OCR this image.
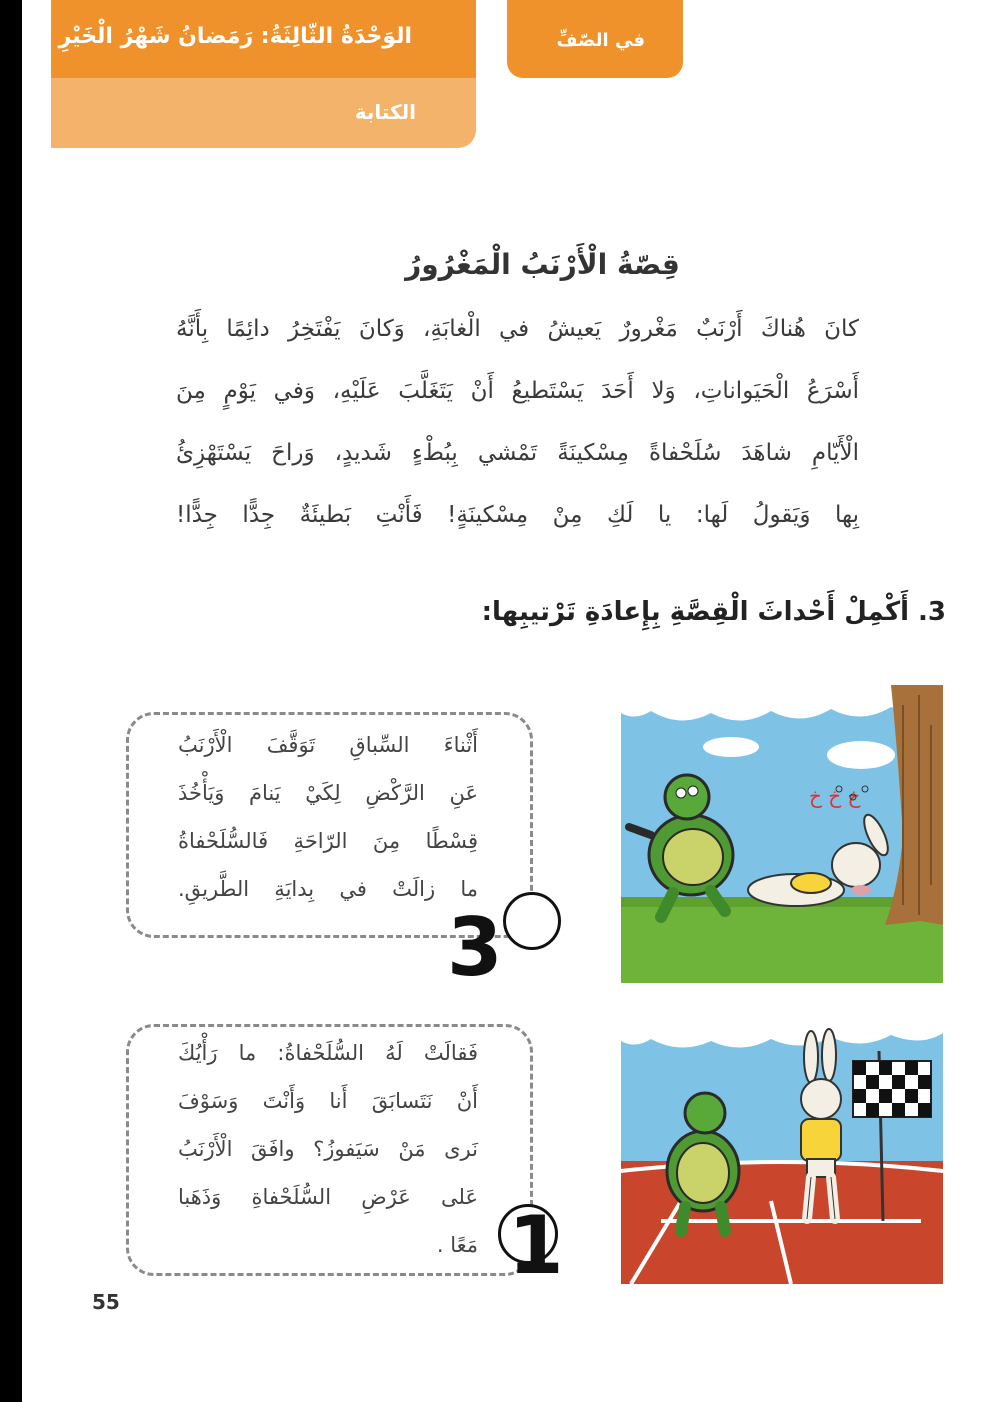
الوَحْدَةُ الثّالِثَةُ: رَمَضانُ شَهْرُ الْخَيْرِ
الكتابة
في الصّفِّ
قِصّةُ الْأَرْنَبُ الْمَغْرُورُ
كانَ هُناكَ أَرْنَبٌ مَغْرورٌ يَعيشُ في الْغابَةِ، وَكانَ يَفْتَخِرُ دائِمًا بِأَنَّهُ
أَسْرَعُ الْحَيَواناتِ، وَلا أَحَدَ يَسْتَطيعُ أَنْ يَتَغَلَّبَ عَلَيْهِ، وَفي يَوْمٍ مِنَ
الْأَيّامِ شاهَدَ سُلَحْفاةً مِسْكينَةً تَمْشي بِبُطْءٍ شَديدٍ، وَراحَ يَسْتَهْزِئُ
بِها وَيَقولُ لَها: يا لَكِ مِنْ مِسْكينَةٍ! فَأَنْتِ بَطيئَةٌ جِدًّا جِدًّا!
3. أَكْمِلْ أَحْداثَ الْقِصَّةِ بِإِعادَةِ تَرْتيبِها:
أَثْناءَ السِّباقِ تَوَقَّفَ الْأَرْنَبُ
عَنِ الرَّكْضِ لِكَيْ يَنامَ وَيَأْخُذَ
قِسْطًا مِنَ الرّاحَةِ فَالسُّلَحْفاةُ
ما زالَتْ في بِدايَةِ الطَّريقِ.
3
فَقالَتْ لَهُ السُّلَحْفاةُ: ما رَأْيُكَ
أَنْ نَتَسابَقَ أَنا وَأَنْتَ وَسَوْفَ
نَرى مَنْ سَيَفوزُ؟ وافَقَ الْأَرْنَبُ
عَلى عَرْضِ السُّلَحْفاةِ وَذَهَبا
مَعًا . 1
خ خ خ
55
